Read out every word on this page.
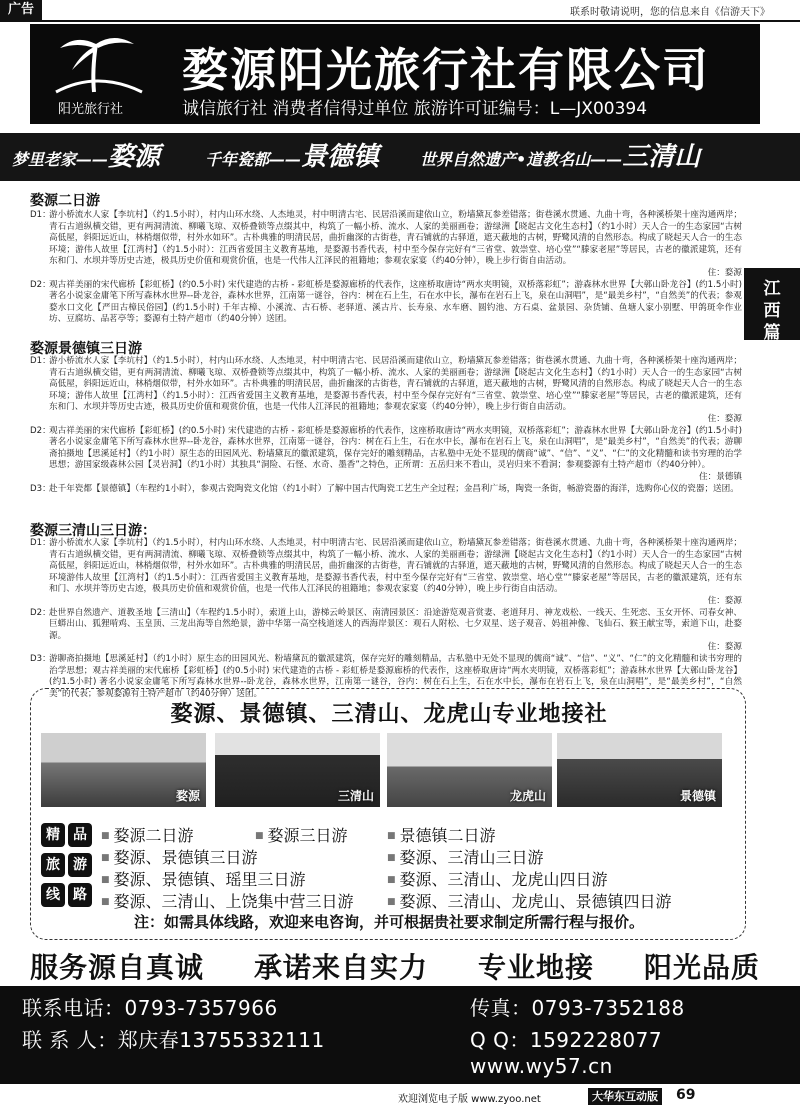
广告	联系时敬请说明，您的信息来自《信游天下》
阳光旅行社
婺源阳光旅行社有限公司
诚信旅行社 消费者信得过单位 旅游许可证编号：L—JX00394
梦里老家——婺源	千年瓷都——景德镇	世界自然遗产•道教名山——三清山
江
西
篇
婺源二日游
D1：
游小桥流水人家【李坑村】（约1.5小时），村内山环水绕、人杰地灵，村中明清古宅、民居沿溪而建依山立，粉墙黛瓦参差错落；街巷溪水贯通、九曲十弯，各种溪桥架十座沟通两岸；青石古道纵横交错，更有两洞清流、柳曦飞琼、双桥叠锁等点缀其中，构筑了一幅小桥、流水、人家的美丽画卷；游绿洲【晓起古文化生态村】（约1小时）天人合一的生态家园“古树高低屋，斜阳远近山，林梢烟似带，村外水如环”。古朴典雅的明清民居，曲折幽深的古街巷，青石铺就的古驿道，遮天蔽地的古树，野鹭风清的自然形态。构成了晓起天人合一的生态环境；游伟人故里【江湾村】（约1.5小时）：江西省爱国主义教育基地，是婺源书香代表，村中至今保存完好有“三省堂、敦崇堂、培心堂”“滕家老屋”等居民，古老的徽派建筑，还有东和门、水坝并等历史古迹，极具历史价值和观赏价值，也是一代伟人江泽民的祖籍地；参观农家宴（约40分钟），晚上步行街自由活动。
住：婺源
D2：
观古祥美丽的宋代廊桥【彩虹桥】(约0.5小时) 宋代建造的古桥 - 彩虹桥是婺源廊桥的代表作，这座桥取唐诗“两水夹明镜，双桥落彩虹”；游森林水世界【大鄣山卧龙谷】(约1.5小时) 著名小说家金庸笔下所写森林水世界--卧龙谷，森林水世界，江南第一谜谷，谷内：树在石上生，石在水中长，瀑布在岩石上飞，泉在山洞唱”，是“最美乡村”，“自然美”的代表；参观婺水口文化【严田古樟民俗园】(约1.5小时) 千年古樟、小溪流、古石桥、老驿道、溪古片、长寿泉、水车磨、圆钓池、方石桌、盆景园、杂货铺、鱼塘人家小别墅、甲鸽斑伞作业坊、豆腐坊、品茗亭等；婺源有土特产超市（约40分钟）送团。
婺源景德镇三日游
D1：
游小桥流水人家【李坑村】（约1.5小时），村内山环水绕、人杰地灵，村中明清古宅、民居沿溪而建依山立，粉墙黛瓦参差错落；街巷溪水贯通、九曲十弯，各种溪桥架十座沟通两岸；青石古道纵横交错，更有两洞清流、柳曦飞琼、双桥叠锁等点缀其中，构筑了一幅小桥、流水、人家的美丽画卷；游绿洲【晓起古文化生态村】（约1小时）天人合一的生态家园“古树高低屋，斜阳远近山，林梢烟似带，村外水如环”。古朴典雅的明清民居，曲折幽深的古街巷，青石铺就的古驿道，遮天蔽地的古树，野鹭风清的自然形态。构成了晓起天人合一的生态环境；游伟人故里【江湾村】（约1.5小时）：江西省爱国主义教育基地，是婺源书香代表，村中至今保存完好有“三省堂、敦崇堂、培心堂”“滕家老屋”等居民，古老的徽派建筑，还有东和门、水坝并等历史古迹，极具历史价值和观赏价值，也是一代伟人江泽民的祖籍地；参观农家宴（约40分钟），晚上步行街自由活动。
住：婺源
D2：
观古祥美丽的宋代廊桥【彩虹桥】(约0.5小时) 宋代建造的古桥 - 彩虹桥是婺源廊桥的代表作，这座桥取唐诗“两水夹明镜，双桥落彩虹”；游森林水世界【大鄣山卧龙谷】(约1.5小时) 著名小说家金庸笔下所写森林水世界--卧龙谷，森林水世界，江南第一谜谷，谷内：树在石上生，石在水中长，瀑布在岩石上飞，泉在山洞唱”，是“最美乡村”，“自然美”的代表；游聊斋拍摄地【思溪延村】（约1小时）原生态的田园风光、粉墙黛瓦的徽派建筑，保存完好的雕刻精品，古私塾中无处不显现的儒商“诚”、“信”、“义”、“仁”的文化精髓和读书穷理的治学思想；游国家级森林公园【灵岩洞】（约1小时）其独具“洞险、石怪、水奇、墨香”之特色，正所谓：五岳归来不看山，灵岩归来不看洞；参观婺源有土特产超市（约40分钟）。
住：景德镇
D3：
赴千年瓷都【景德镇】（车程约1小时），参观古瓷陶瓷文化馆（约1小时）了解中国古代陶瓷工艺生产全过程；金昌利广场，陶瓷一条街，畅游瓷器的海洋，选购你心仪的瓷器；送团。
婺源三清山三日游：
D1：
游小桥流水人家【李坑村】（约1.5小时），村内山环水绕、人杰地灵，村中明清古宅、民居沿溪而建依山立，粉墙黛瓦参差错落；街巷溪水贯通、九曲十弯，各种溪桥架十座沟通两岸；青石古道纵横交错，更有两洞清流、柳曦飞琼、双桥叠锁等点缀其中，构筑了一幅小桥、流水、人家的美丽画卷；游绿洲【晓起古文化生态村】（约1小时）天人合一的生态家园“古树高低屋，斜阳远近山，林梢烟似带，村外水如环”。古朴典雅的明清民居，曲折幽深的古街巷，青石铺就的古驿道，遮天蔽地的古树，野鹭风清的自然形态。构成了晓起天人合一的生态环境游伟人故里【江湾村】（约1.5小时）：江西省爱国主义教育基地，是婺源书香代表，村中至今保存完好有“三省堂、敦崇堂、培心堂”“滕家老屋”等居民，古老的徽派建筑，还有东和门、水坝并等历史古迹，极具历史价值和观赏价值，也是一代伟人江泽民的祖籍地；参观农家宴（约40分钟），晚上步行街自由活动。
住：婺源
D2：
赴世界自然遗产、道教圣地【三清山】（车程约1.5小时），索道上山，游梯云岭景区、南清园景区：沿途游览观音赏妻、老道拜月、神龙戏松、一线天、生死恋、玉女开怀、司春女神、巨蟒出山、狐狸啃鸡、玉皇顶、三龙出海等自然绝景，游中华第一高空栈道迷人的西海岸景区：观石人附松、七夕双星、送子观音、妈祖神像、飞仙石、猴王献宝等，索道下山，赴婺源。
住：婺源
D3：
游聊斋拍摄地【思溪延村】（约1小时）原生态的田园风光、粉墙黛瓦的徽派建筑，保存完好的雕刻精品，古私塾中无处不显现的儒商“诚”、“信”、“义”、“仁”的文化精髓和读书穷理的治学思想；观古祥美丽的宋代廊桥【彩虹桥】(约0.5小时) 宋代建造的古桥 - 彩虹桥是婺源廊桥的代表作，这座桥取唐诗“两水夹明镜，双桥落彩虹”；游森林水世界【大鄣山卧龙谷】(约1.5小时) 著名小说家金庸笔下所写森林水世界--卧龙谷，森林水世界，江南第一谜谷，谷内：树在石上生，石在水中长，瀑布在岩石上飞，泉在山洞唱”，是“最美乡村”，“自然美”的代表；参观婺源有土特产超市（约40分钟）送团。
婺源、景德镇、三清山、龙虎山专业地接社
婺源	三清山	龙虎山	景德镇
精 品
旅 游
线 路
■ 婺源二日游	■ 婺源三日游	■ 景德镇二日游
■ 婺源、景德镇三日游	■ 婺源、三清山三日游
■ 婺源、景德镇、瑶里三日游	■ 婺源、三清山、龙虎山四日游
■ 婺源、三清山、上饶集中营三日游	■ 婺源、三清山、龙虎山、景德镇四日游
注：如需具体线路，欢迎来电咨询，并可根据贵社要求制定所需行程与报价。
服务源自真诚 承诺来自实力 专业地接 阳光品质
联系电话：0793-7357966	传真：0793-7352188
联 系 人：郑庆春13755332111	Q Q：1592228077

网    址：www.wuyuanly.cn

www.wy57.cn
欢迎浏览电子版 www.zyoo.net	大华东互动版 69
